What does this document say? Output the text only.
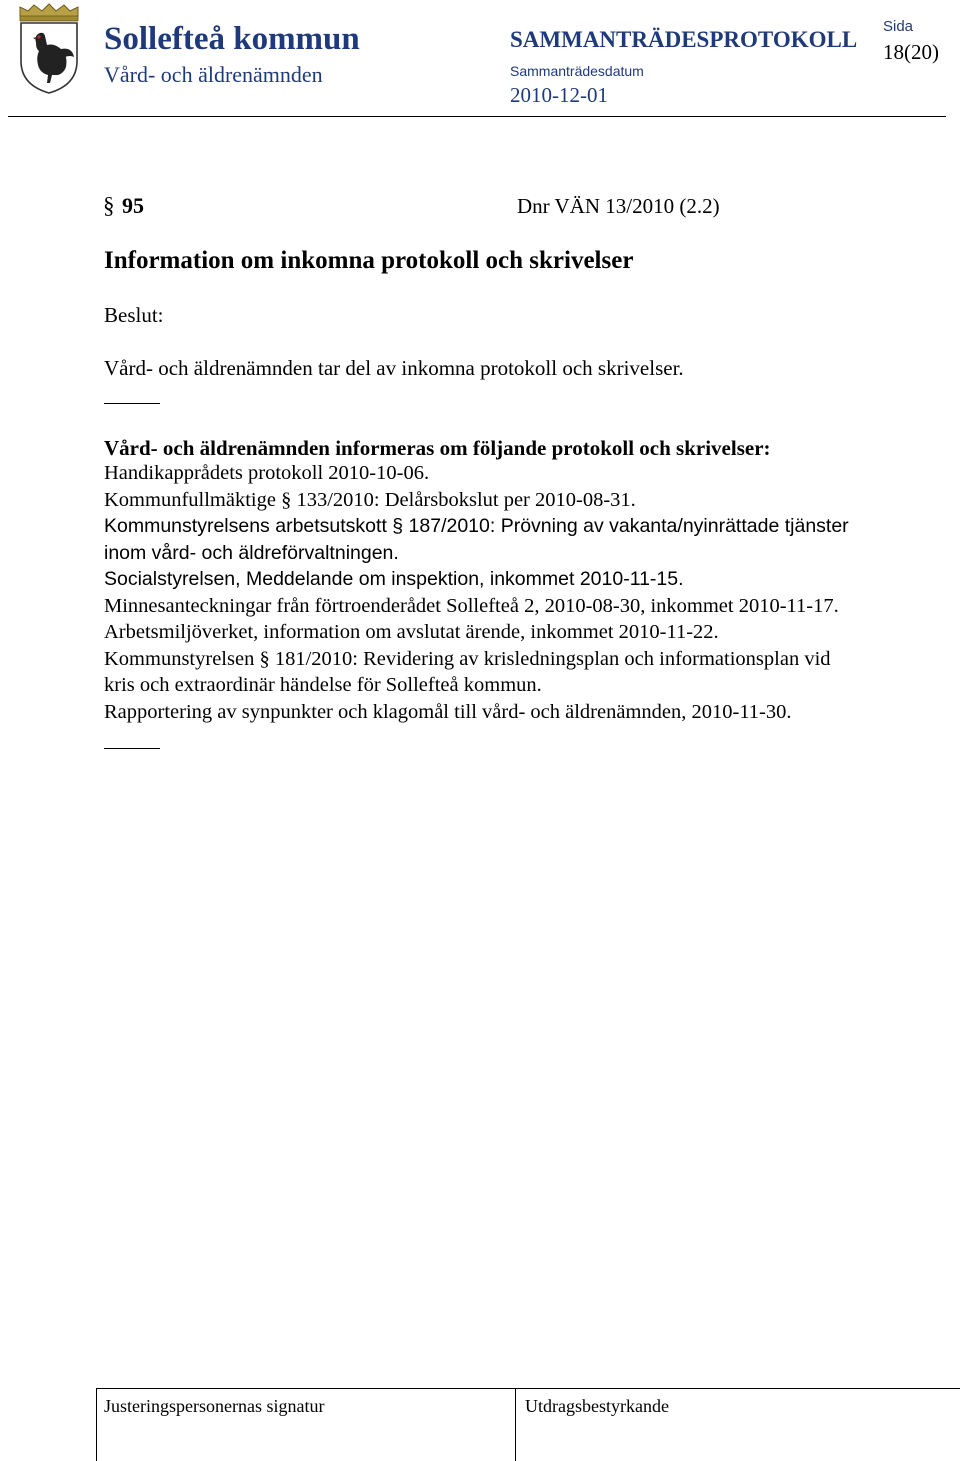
Sollefteå kommun
Vård- och äldrenämnden
SAMMANTRÄDESPROTOKOLL
Sammanträdesdatum
2010-12-01
Sida
18(20)
§ 95	Dnr VÄN 13/2010 (2.2)
Information om inkomna protokoll och skrivelser
Beslut:
Vård- och äldrenämnden tar del av inkomna protokoll och skrivelser.
Vård- och äldrenämnden informeras om följande protokoll och skrivelser:
Handikapprådets protokoll 2010-10-06.
Kommunfullmäktige § 133/2010: Delårsbokslut per 2010-08-31.
Kommunstyrelsens arbetsutskott § 187/2010: Prövning av vakanta/nyinrättade tjänster
inom vård- och äldreförvaltningen.
Socialstyrelsen, Meddelande om inspektion, inkommet 2010-11-15.
Minnesanteckningar från förtroenderådet Sollefteå 2, 2010-08-30, inkommet 2010-11-17.
Arbetsmiljöverket, information om avslutat ärende, inkommet 2010-11-22.
Kommunstyrelsen § 181/2010: Revidering av krisledningsplan och informationsplan vid
kris och extraordinär händelse för Sollefteå kommun.
Rapportering av synpunkter och klagomål till vård- och äldrenämnden, 2010-11-30.
Justeringspersonernas signatur	Utdragsbestyrkande
